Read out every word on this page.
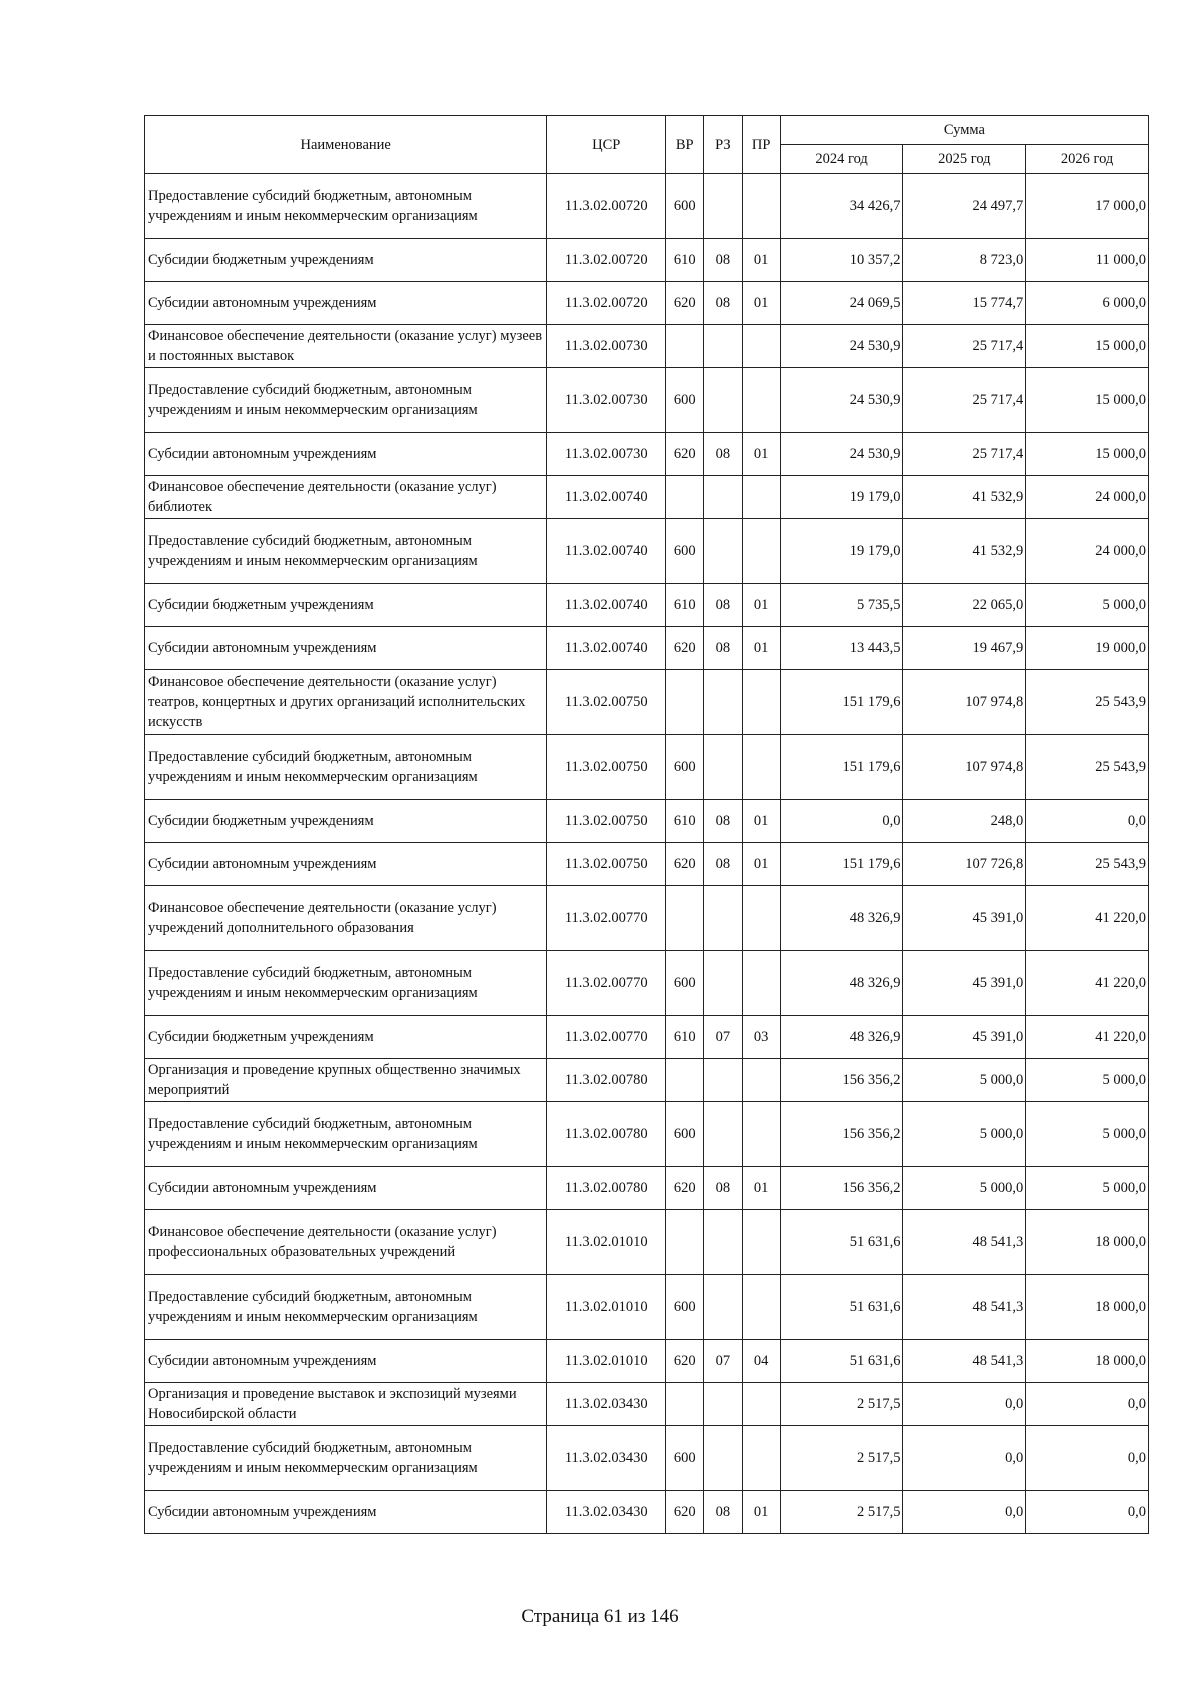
Наименование	ЦСР	ВР	РЗ	ПР	Сумма		
					2024 год	2025 год	2026 год
Предоставление субсидий бюджетным, автономным учреждениям и иным некоммерческим организациям	11.3.02.00720	600			34 426,7	24 497,7	17 000,0
Субсидии бюджетным учреждениям	11.3.02.00720	610	08	01	10 357,2	8 723,0	11 000,0
Субсидии автономным учреждениям	11.3.02.00720	620	08	01	24 069,5	15 774,7	6 000,0
Финансовое обеспечение деятельности (оказание услуг) музеев и постоянных выставок	11.3.02.00730				24 530,9	25 717,4	15 000,0
Предоставление субсидий бюджетным, автономным учреждениям и иным некоммерческим организациям	11.3.02.00730	600			24 530,9	25 717,4	15 000,0
Субсидии автономным учреждениям	11.3.02.00730	620	08	01	24 530,9	25 717,4	15 000,0
Финансовое обеспечение деятельности (оказание услуг) библиотек	11.3.02.00740				19 179,0	41 532,9	24 000,0
Предоставление субсидий бюджетным, автономным учреждениям и иным некоммерческим организациям	11.3.02.00740	600			19 179,0	41 532,9	24 000,0
Субсидии бюджетным учреждениям	11.3.02.00740	610	08	01	5 735,5	22 065,0	5 000,0
Субсидии автономным учреждениям	11.3.02.00740	620	08	01	13 443,5	19 467,9	19 000,0
Финансовое обеспечение деятельности (оказание услуг) театров, концертных и других организаций исполнительских искусств	11.3.02.00750				151 179,6	107 974,8	25 543,9
Предоставление субсидий бюджетным, автономным учреждениям и иным некоммерческим организациям	11.3.02.00750	600			151 179,6	107 974,8	25 543,9
Субсидии бюджетным учреждениям	11.3.02.00750	610	08	01	0,0	248,0	0,0
Субсидии автономным учреждениям	11.3.02.00750	620	08	01	151 179,6	107 726,8	25 543,9
Финансовое обеспечение деятельности (оказание услуг) учреждений дополнительного образования	11.3.02.00770				48 326,9	45 391,0	41 220,0
Предоставление субсидий бюджетным, автономным учреждениям и иным некоммерческим организациям	11.3.02.00770	600			48 326,9	45 391,0	41 220,0
Субсидии бюджетным учреждениям	11.3.02.00770	610	07	03	48 326,9	45 391,0	41 220,0
Организация и проведение крупных общественно значимых мероприятий	11.3.02.00780				156 356,2	5 000,0	5 000,0
Предоставление субсидий бюджетным, автономным учреждениям и иным некоммерческим организациям	11.3.02.00780	600			156 356,2	5 000,0	5 000,0
Субсидии автономным учреждениям	11.3.02.00780	620	08	01	156 356,2	5 000,0	5 000,0
Финансовое обеспечение деятельности (оказание услуг) профессиональных образовательных учреждений	11.3.02.01010				51 631,6	48 541,3	18 000,0
Предоставление субсидий бюджетным, автономным учреждениям и иным некоммерческим организациям	11.3.02.01010	600			51 631,6	48 541,3	18 000,0
Субсидии автономным учреждениям	11.3.02.01010	620	07	04	51 631,6	48 541,3	18 000,0
Организация и проведение выставок и экспозиций музеями Новосибирской области	11.3.02.03430				2 517,5	0,0	0,0
Предоставление субсидий бюджетным, автономным учреждениям и иным некоммерческим организациям	11.3.02.03430	600			2 517,5	0,0	0,0
Субсидии автономным учреждениям	11.3.02.03430	620	08	01	2 517,5	0,0	0,0
Страница 61 из 146
